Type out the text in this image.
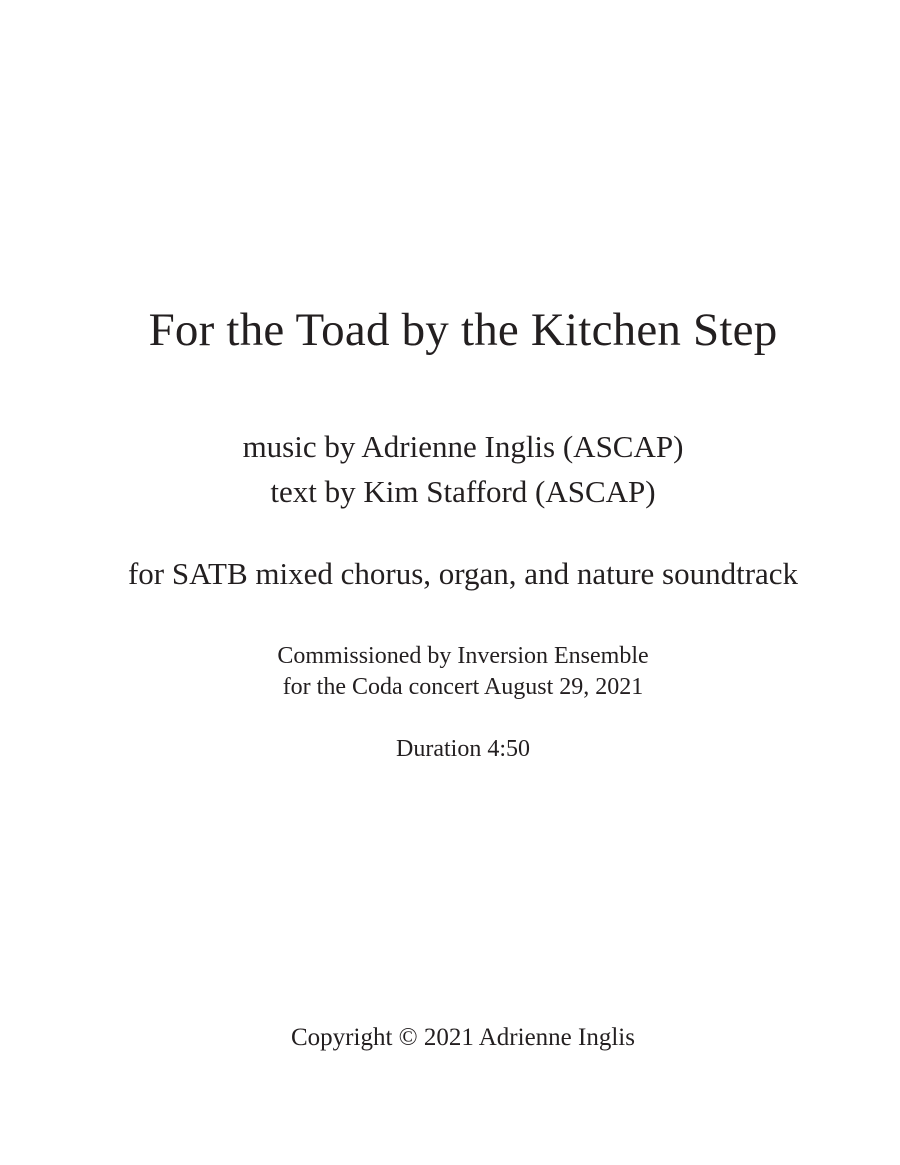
For the Toad by the Kitchen Step
music by Adrienne Inglis (ASCAP)
text by Kim Stafford (ASCAP)
for SATB mixed chorus, organ, and nature soundtrack
Commissioned by Inversion Ensemble
for the Coda concert August 29, 2021
Duration 4:50
Copyright © 2021 Adrienne Inglis
